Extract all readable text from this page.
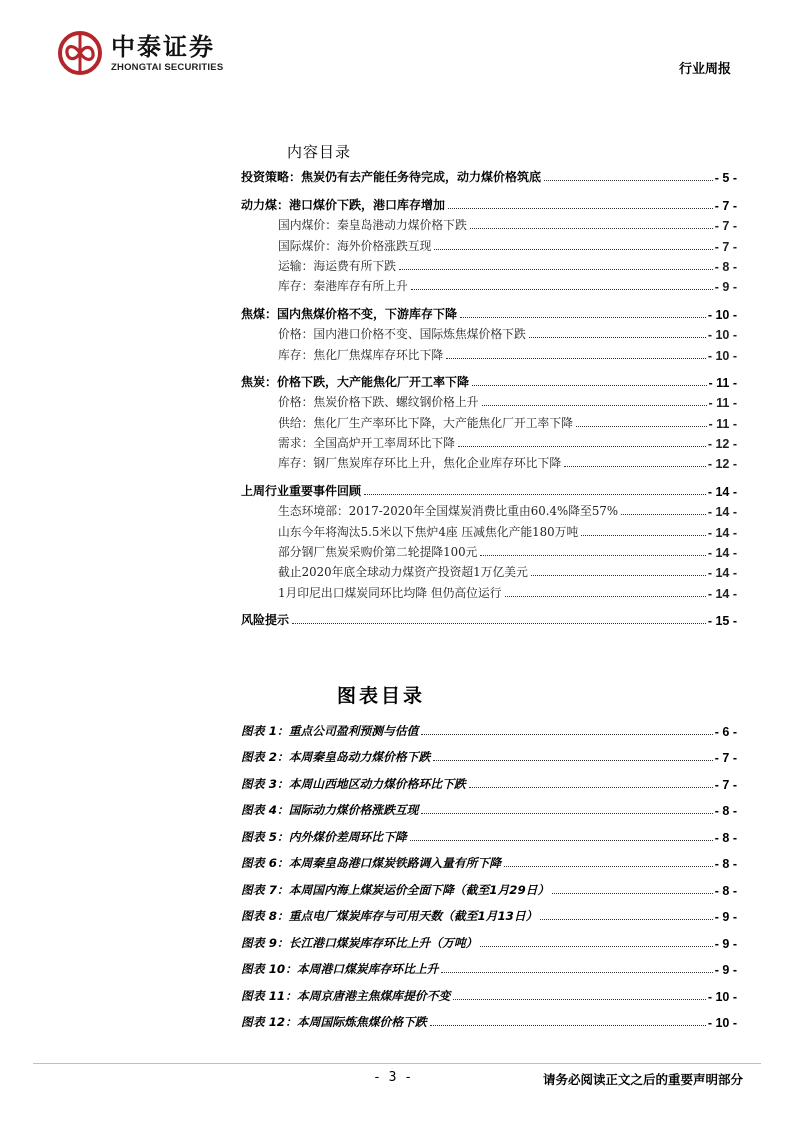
中泰证券
ZHONGTAI SECURITIES	行业周报
内容目录
投资策略：焦炭仍有去产能任务待完成，动力煤价格筑底	- 5 -
动力煤：港口煤价下跌，港口库存增加	- 7 -
国内煤价：秦皇岛港动力煤价格下跌	- 7 -
国际煤价：海外价格涨跌互现	- 7 -
运输：海运费有所下跌	- 8 -
库存：秦港库存有所上升	- 9 -
焦煤：国内焦煤价格不变，下游库存下降	- 10 -
价格：国内港口价格不变、国际炼焦煤价格下跌	- 10 -
库存：焦化厂焦煤库存环比下降	- 10 -
焦炭：价格下跌，大产能焦化厂开工率下降	- 11 -
价格：焦炭价格下跌、螺纹钢价格上升	- 11 -
供给：焦化厂生产率环比下降，大产能焦化厂开工率下降	- 11 -
需求：全国高炉开工率周环比下降	- 12 -
库存：钢厂焦炭库存环比上升，焦化企业库存环比下降	- 12 -
上周行业重要事件回顾	- 14 -
生态环境部：2017-2020年全国煤炭消费比重由60.4%降至57%	- 14 -
山东今年将淘汰5.5米以下焦炉4座 压减焦化产能180万吨	- 14 -
部分钢厂焦炭采购价第二轮提降100元	- 14 -
截止2020年底全球动力煤资产投资超1万亿美元	- 14 -
1月印尼出口煤炭同环比均降 但仍高位运行	- 14 -
风险提示	- 15 -
图表目录
图表 1：重点公司盈利预测与估值	- 6 -
图表 2：本周秦皇岛动力煤价格下跌	- 7 -
图表 3：本周山西地区动力煤价格环比下跌	- 7 -
图表 4：国际动力煤价格涨跌互现	- 8 -
图表 5：内外煤价差周环比下降	- 8 -
图表 6：本周秦皇岛港口煤炭铁路调入量有所下降	- 8 -
图表 7：本周国内海上煤炭运价全面下降（截至1月29日）	- 8 -
图表 8：重点电厂煤炭库存与可用天数（截至1月13日）	- 9 -
图表 9：长江港口煤炭库存环比上升（万吨）	- 9 -
图表 10：本周港口煤炭库存环比上升	- 9 -
图表 11：本周京唐港主焦煤库提价不变	- 10 -
图表 12：本周国际炼焦煤价格下跌	- 10 -
- 3 -	请务必阅读正文之后的重要声明部分
